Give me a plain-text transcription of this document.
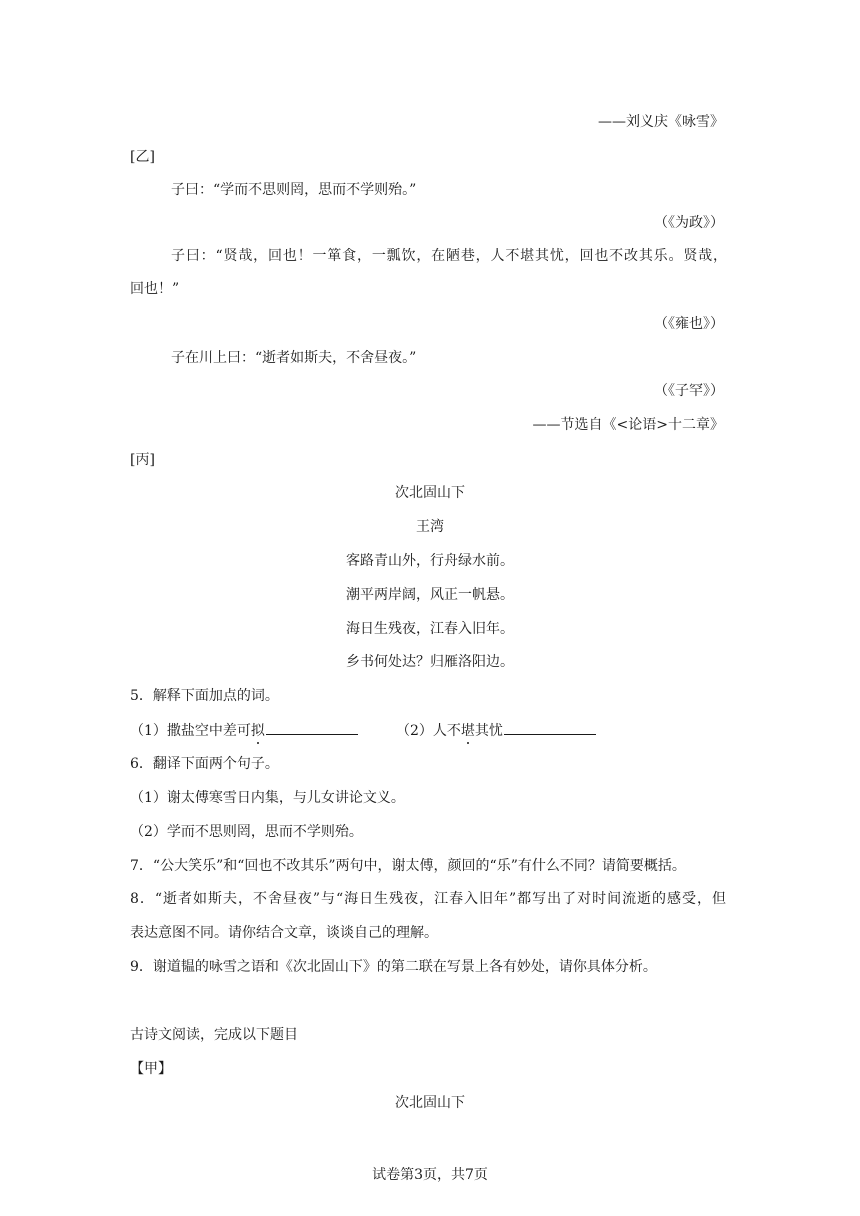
——刘义庆《咏雪》
[乙]
子曰：“学而不思则罔，思而不学则殆。”
（《为政》）
子曰：“贤哉，回也！一箪食，一瓢饮，在陋巷，人不堪其忧，回也不改其乐。贤哉，
回也！”
（《雍也》）
子在川上曰：“逝者如斯夫，不舍昼夜。”
（《子罕》）
——节选自《<论语>十二章》
[丙]
次北固山下
王湾
客路青山外，行舟绿水前。
潮平两岸阔，风正一帆悬。
海日生残夜，江春入旧年。
乡书何处达？归雁洛阳边。
5．解释下面加点的词。
（1）撒盐空中差可拟	（2）人不堪其忧
6．翻译下面两个句子。
（1）谢太傅寒雪日内集，与儿女讲论文义。
（2）学而不思则罔，思而不学则殆。
7．“公大笑乐”和“回也不改其乐”两句中，谢太傅，颜回的“乐”有什么不同？请简要概括。
8．“逝者如斯夫，不舍昼夜”与“海日生残夜，江春入旧年”都写出了对时间流逝的感受，但
表达意图不同。请你结合文章，谈谈自己的理解。
9．谢道韫的咏雪之语和《次北固山下》的第二联在写景上各有妙处，请你具体分析。
古诗文阅读，完成以下题目
【甲】
次北固山下
试卷第3页，共7页
